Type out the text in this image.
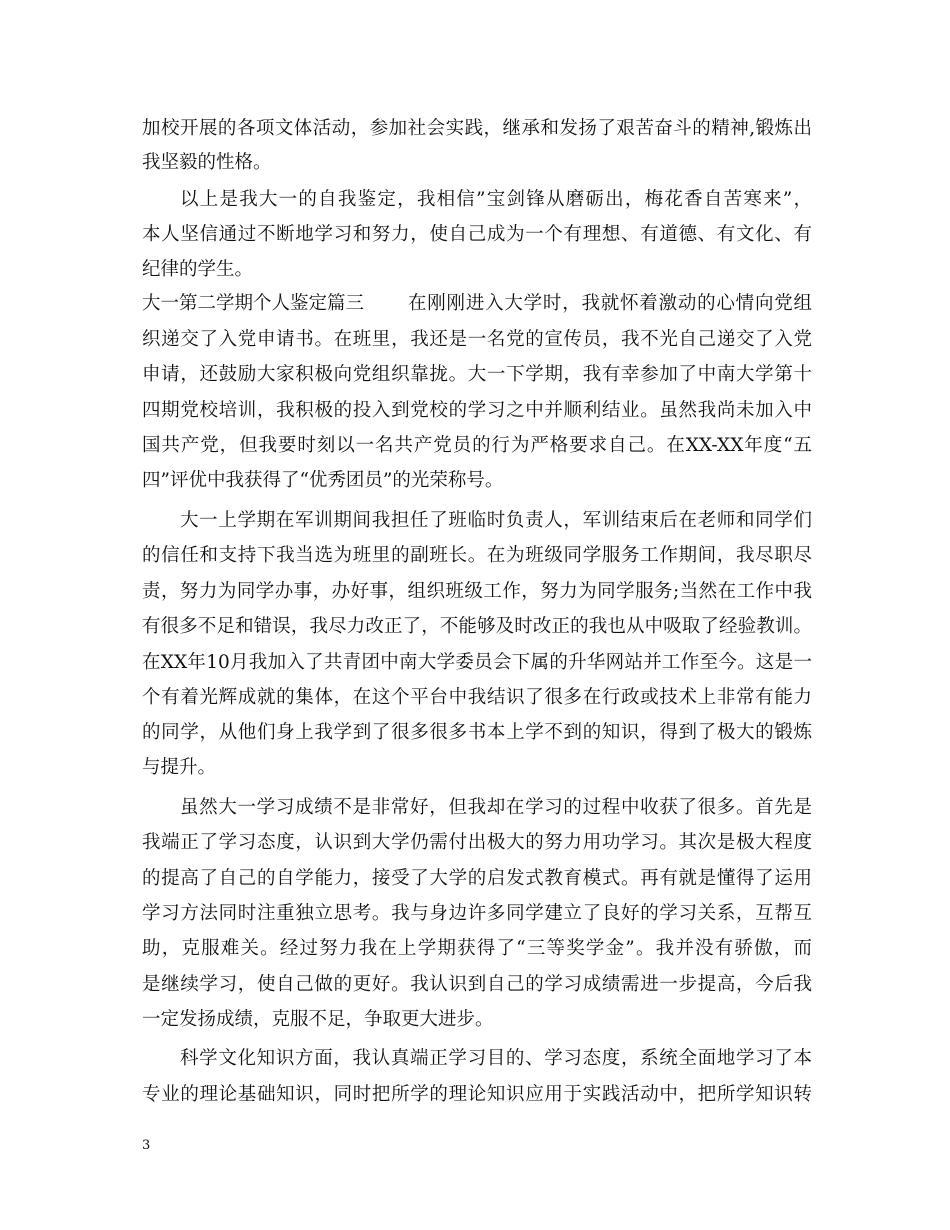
加校开展的各项文体活动，参加社会实践，继承和发扬了艰苦奋斗的精神,锻炼出
我坚毅的性格。
以上是我大一的自我鉴定，我相信”宝剑锋从磨砺出，梅花香自苦寒来”，
本人坚信通过不断地学习和努力，使自己成为一个有理想、有道德、有文化、有
纪律的学生。
大一第二学期个人鉴定篇三 在刚刚进入大学时，我就怀着激动的心情向党组
织递交了入党申请书。在班里，我还是一名党的宣传员，我不光自己递交了入党
申请，还鼓励大家积极向党组织靠拢。大一下学期，我有幸参加了中南大学第十
四期党校培训，我积极的投入到党校的学习之中并顺利结业。虽然我尚未加入中
国共产党，但我要时刻以一名共产党员的行为严格要求自己。在XX-XX年度“五
四”评优中我获得了“优秀团员”的光荣称号。
大一上学期在军训期间我担任了班临时负责人，军训结束后在老师和同学们
的信任和支持下我当选为班里的副班长。在为班级同学服务工作期间，我尽职尽
责，努力为同学办事，办好事，组织班级工作，努力为同学服务;当然在工作中我
有很多不足和错误，我尽力改正了，不能够及时改正的我也从中吸取了经验教训。
在XX年10月我加入了共青团中南大学委员会下属的升华网站并工作至今。这是一
个有着光辉成就的集体，在这个平台中我结识了很多在行政或技术上非常有能力
的同学，从他们身上我学到了很多很多书本上学不到的知识，得到了极大的锻炼
与提升。
虽然大一学习成绩不是非常好，但我却在学习的过程中收获了很多。首先是
我端正了学习态度，认识到大学仍需付出极大的努力用功学习。其次是极大程度
的提高了自己的自学能力，接受了大学的启发式教育模式。再有就是懂得了运用
学习方法同时注重独立思考。我与身边许多同学建立了良好的学习关系，互帮互
助，克服难关。经过努力我在上学期获得了“三等奖学金”。我并没有骄傲，而
是继续学习，使自己做的更好。我认识到自己的学习成绩需进一步提高，今后我
一定发扬成绩，克服不足，争取更大进步。
科学文化知识方面，我认真端正学习目的、学习态度，系统全面地学习了本
专业的理论基础知识，同时把所学的理论知识应用于实践活动中，把所学知识转
3
